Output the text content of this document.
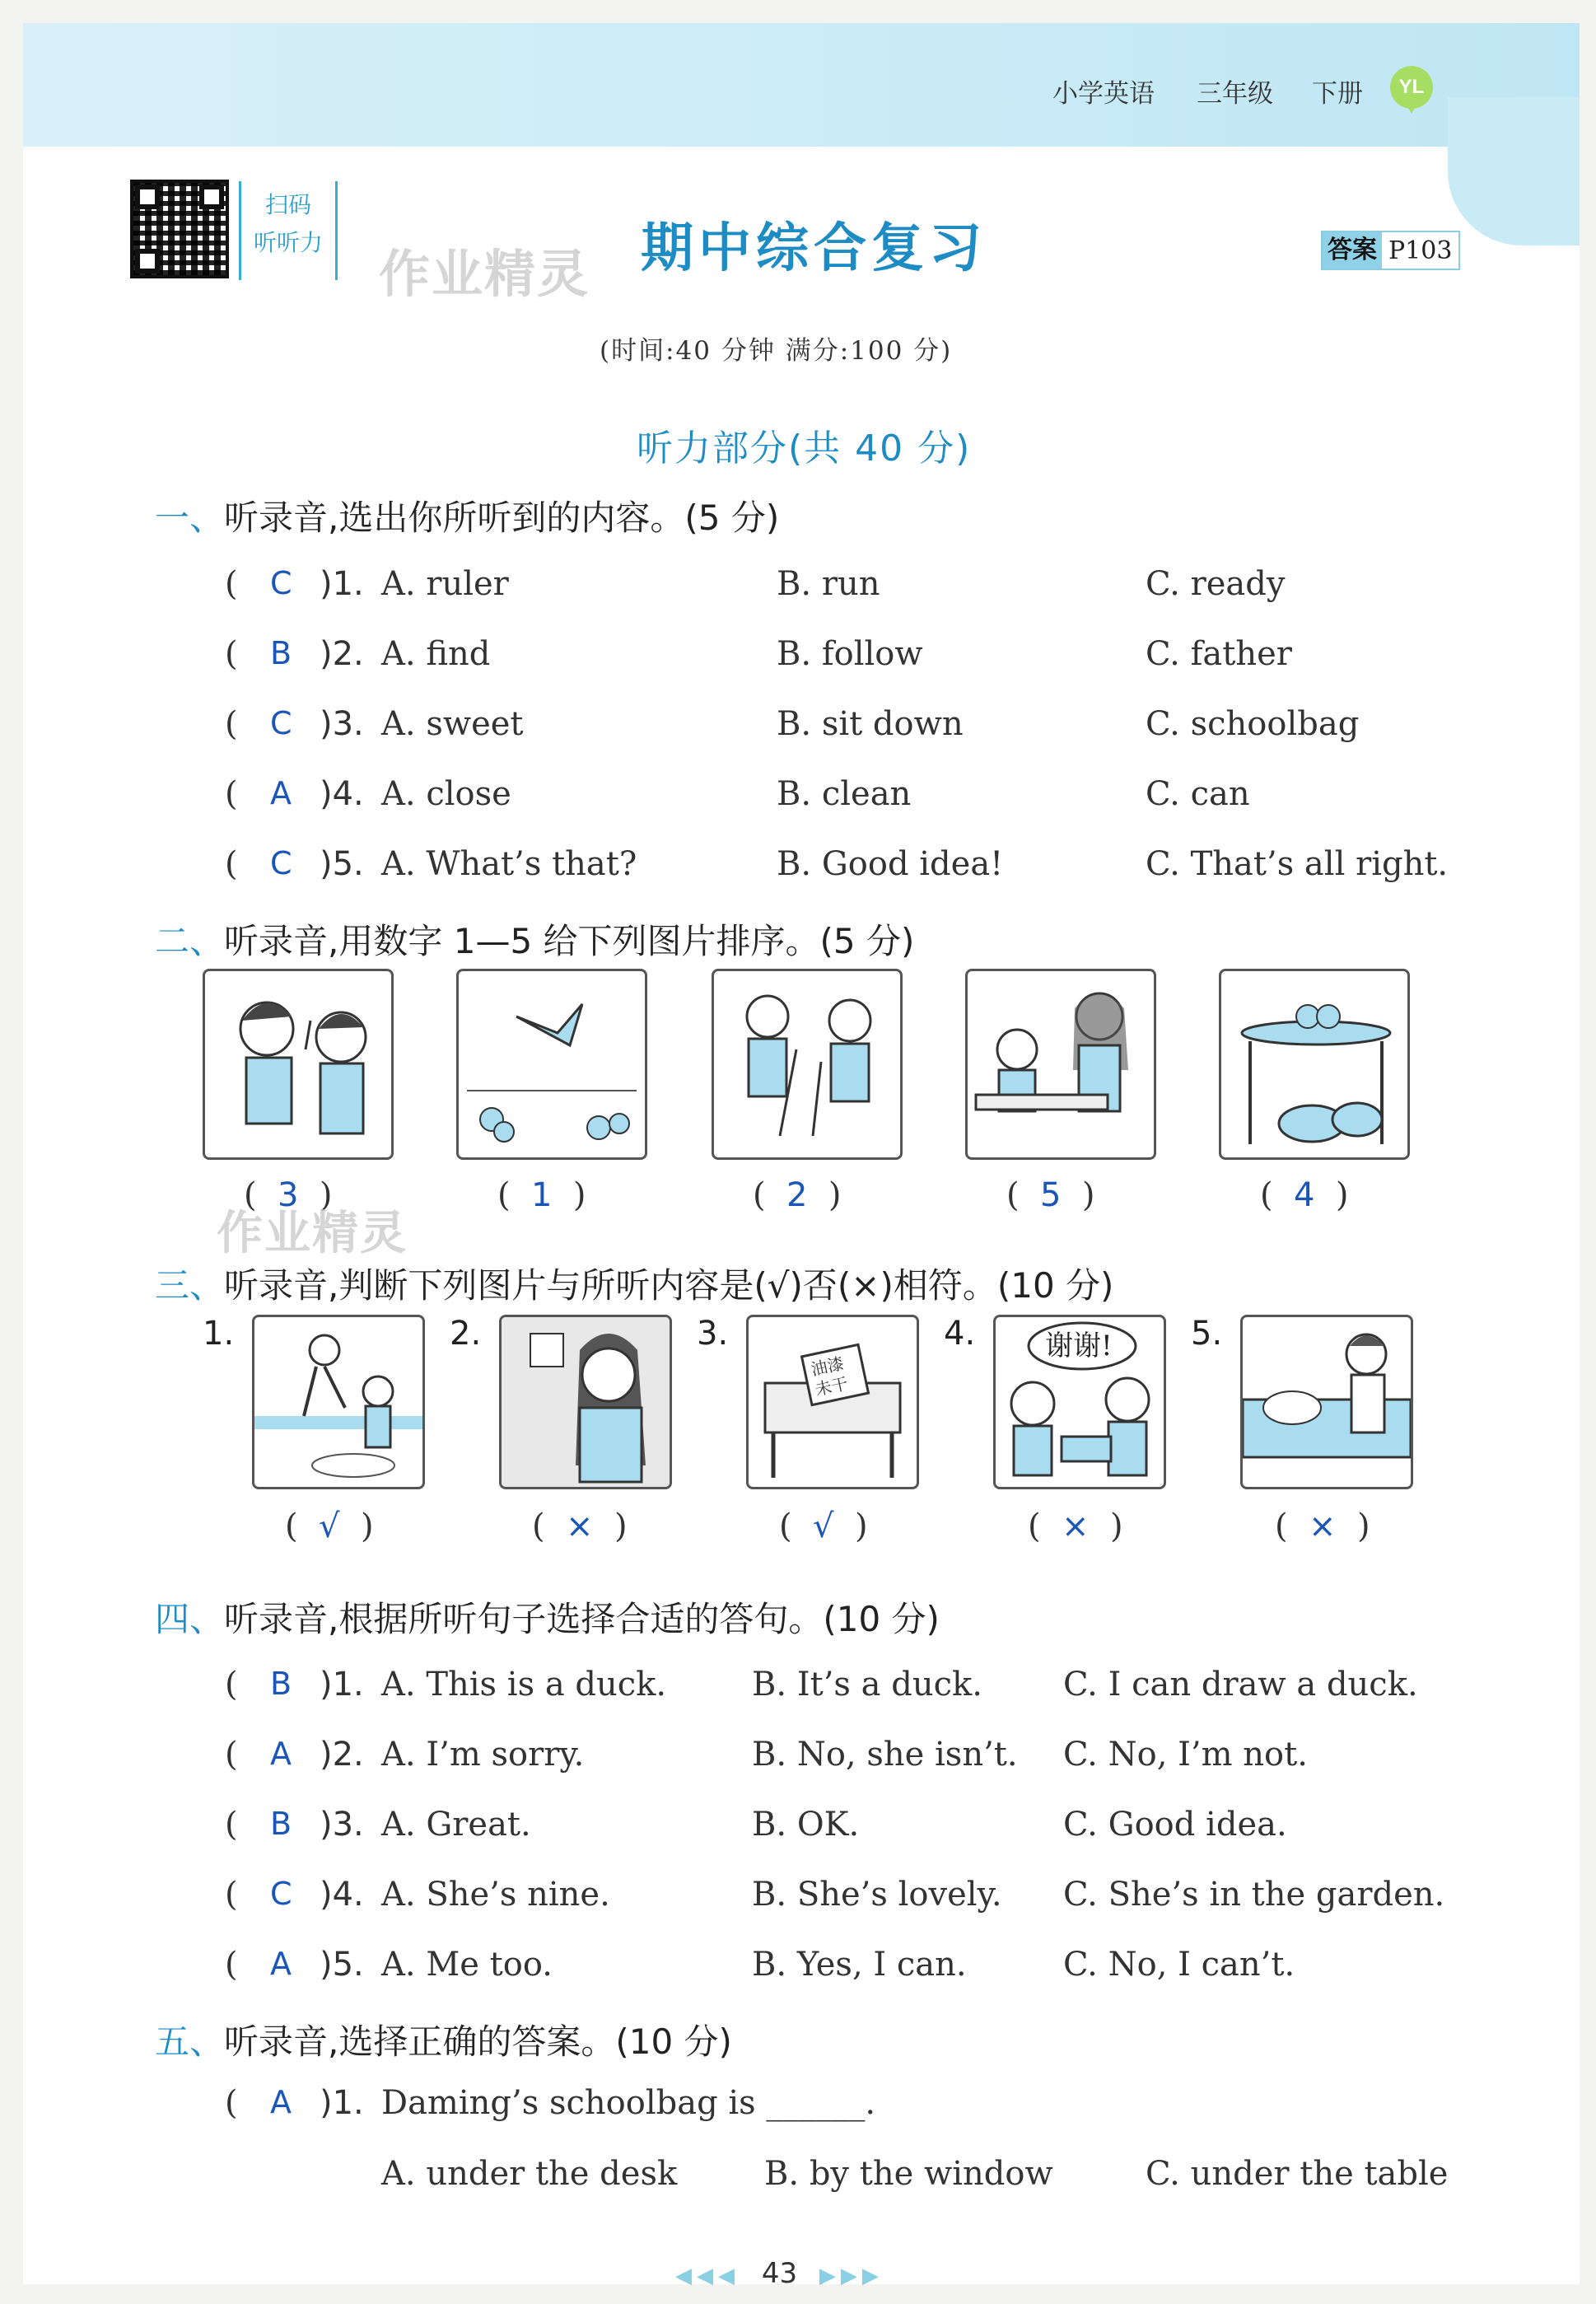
小学英语 三年级 下册	YL
扫码
听听力
作业精灵 期中综合复习	答案 P103
(时间:40 分钟 满分:100 分)
听力部分(共 40 分)
一、听录音,选出你所听到的内容。(5 分)
( C )1. A. ruler	B. run	C. ready
( B )2. A. find	B. follow	C. father
( C )3. A. sweet	B. sit down	C. schoolbag
( A )4. A. close	B. clean	C. can
( C )5. A. What’s that?	B. Good idea!	C. That’s all right.
二、听录音,用数字 1—5 给下列图片排序。(5 分)
(  3  )	(  1  )	(  2  )	(  5  )	(  4  )
作业精灵
三、听录音,判断下列图片与所听内容是(√)否(×)相符。(10 分)
1.	2.	3.
油漆
未干
4. 谢谢! 5.
(  √  )	(  ×  )	(  √  )	(  ×  )	(  ×  )
四、听录音,根据所听句子选择合适的答句。(10 分)
( B )1. A. This is a duck.	B. It’s a duck. C. I can draw a duck.
( A )2. A. I’m sorry.	B. No, she isn’t. C. No, I’m not.
( B )3. A. Great.	B. OK.	C. Good idea.
( C )4. A. She’s nine.	B. She’s lovely. C. She’s in the garden.
( A )5. A. Me too.	B. Yes, I can.	C. No, I can’t.
五、听录音,选择正确的答案。(10 分)
( A )1. Daming’s schoolbag is ______.
A. under the desk	B. by the window	C. under the table
◀◀◀ 43 ▶▶▶
